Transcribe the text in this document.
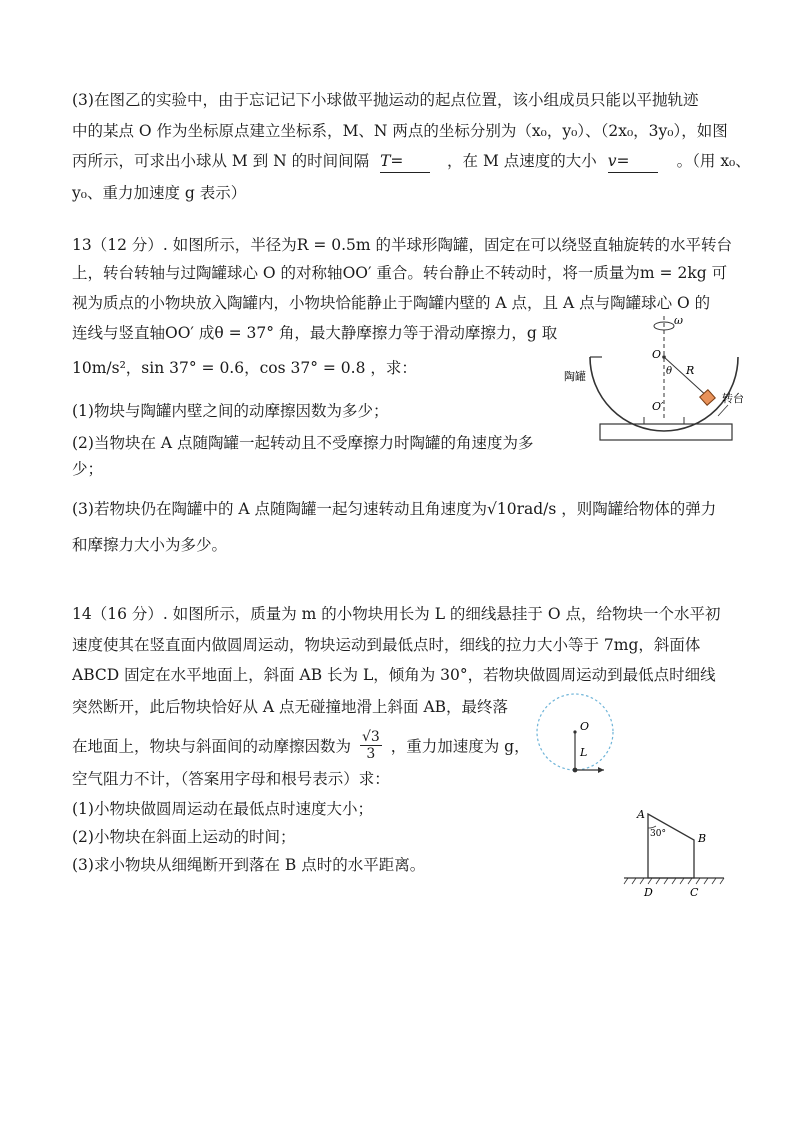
(3)在图乙的实验中，由于忘记记下小球做平抛运动的起点位置，该小组成员只能以平抛轨迹
中的某点 O 作为坐标原点建立坐标系，M、N 两点的坐标分别为（x₀，y₀）、（2x₀，3y₀），如图
丙所示，可求出小球从 M 到 N 的时间间隔 T=	，在 M 点速度的大小 v=	。（用 x₀、
y₀、重力加速度 g 表示）
13（12 分）. 如图所示，半径为R = 0.5m 的半球形陶罐，固定在可以绕竖直轴旋转的水平转台
上，转台转轴与过陶罐球心 O 的对称轴OO′ 重合。转台静止不转动时，将一质量为m = 2kg 可
视为质点的小物块放入陶罐内，小物块恰能静止于陶罐内壁的 A 点，且 A 点与陶罐球心 O 的
连线与竖直轴OO′ 成θ = 37° 角，最大静摩擦力等于滑动摩擦力，g 取
10m/s²，sin 37° = 0.6，cos 37° = 0.8 ，求：
(1)物块与陶罐内壁之间的动摩擦因数为多少；
(2)当物块在 A 点随陶罐一起转动且不受摩擦力时陶罐的角速度为多
少；
(3)若物块仍在陶罐中的 A 点随陶罐一起匀速转动且角速度为√10rad/s ，则陶罐给物体的弹力
和摩擦力大小为多少。
ω
O
θ R
O′
陶罐
转台
14（16 分）. 如图所示，质量为 m 的小物块用长为 L 的细线悬挂于 O 点，给物块一个水平初
速度使其在竖直面内做圆周运动，物块运动到最低点时，细线的拉力大小等于 7mg，斜面体
ABCD 固定在水平地面上，斜面 AB 长为 L，倾角为 30°，若物块做圆周运动到最低点时细线
突然断开，此后物块恰好从 A 点无碰撞地滑上斜面 AB，最终落
在地面上，物块与斜面间的动摩擦因数为 $\frac{√3}{3}$ ，重力加速度为 g，
空气阻力不计，（答案用字母和根号表示）求：
(1)小物块做圆周运动在最低点时速度大小；
(2)小物块在斜面上运动的时间；
(3)求小物块从细绳断开到落在 B 点时的水平距离。
O
L
A
30°	B
D	C
